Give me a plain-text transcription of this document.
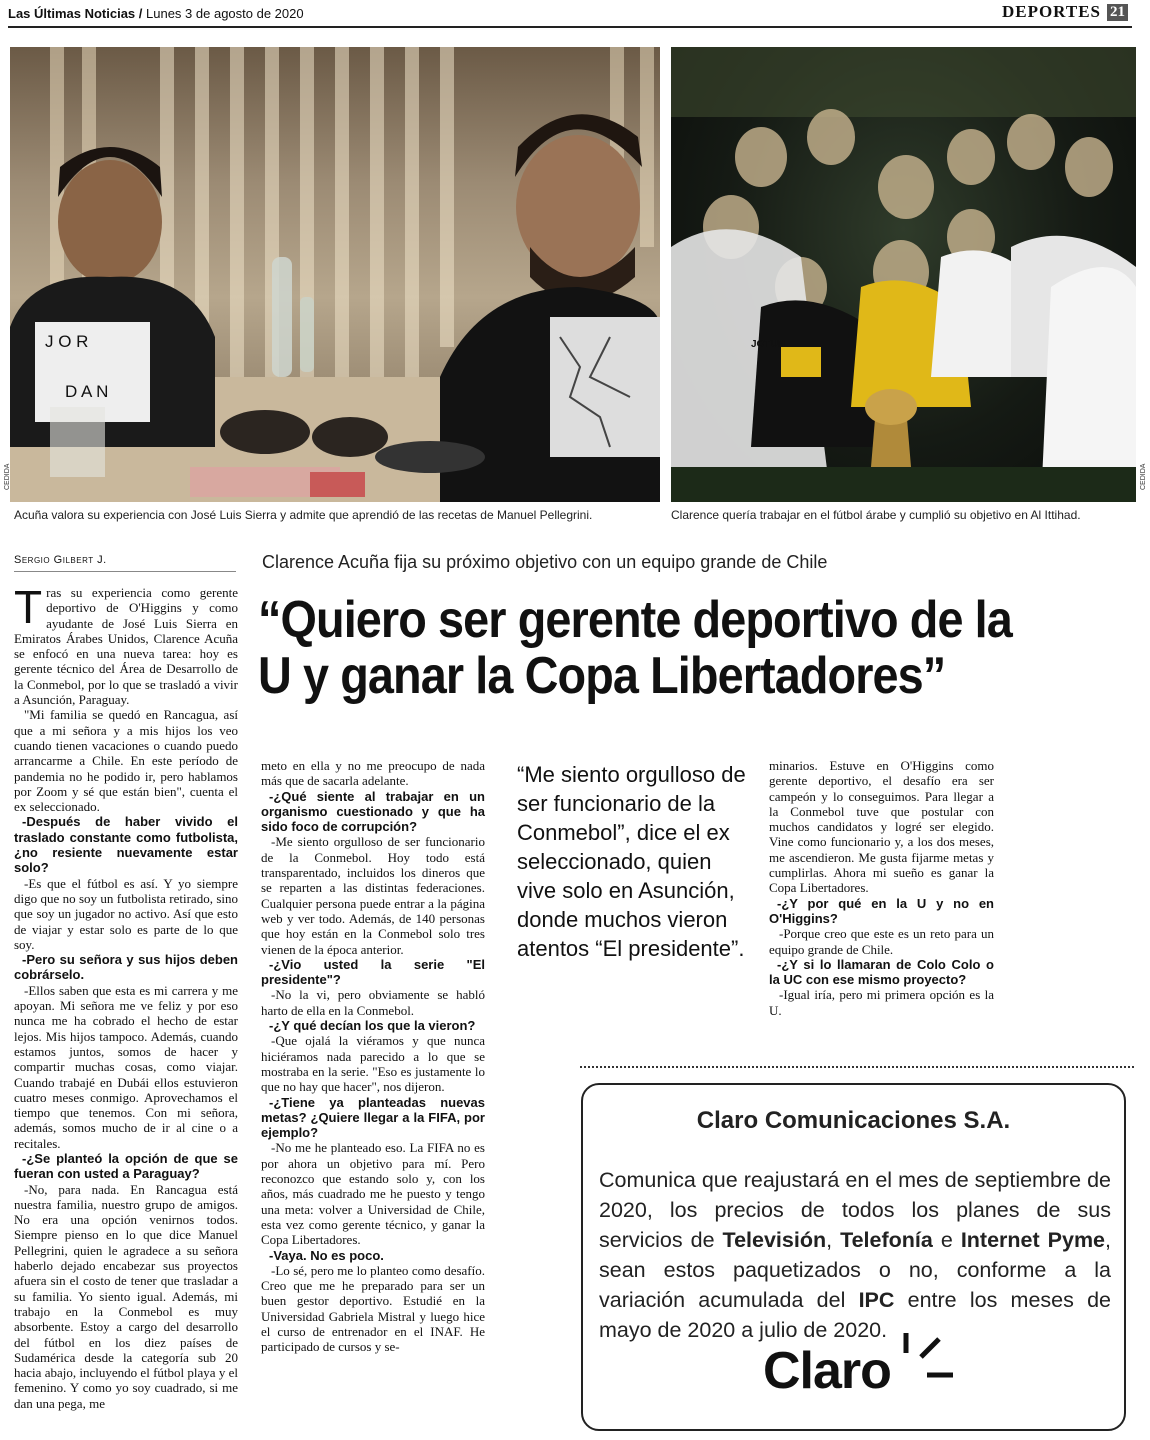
Las Últimas Noticias / Lunes 3 de agosto de 2020	DEPORTES 21
J O R
D A N
CEDIDA
Acuña valora su experiencia con José Luis Sierra y admite que aprendió de las recetas de Manuel Pellegrini.
JOTUN
CEDIDA
Clarence quería trabajar en el fútbol árabe y cumplió su objetivo en Al Ittihad.
Sergio Gilbert J.	Clarence Acuña fija su próximo objetivo con un equipo grande de Chile
“Quiero ser gerente deportivo de la U y ganar la Copa Libertadores”
T ras su experiencia como gerente deportivo de O'Higgins y como ayudante de José Luis Sierra en Emiratos Árabes Unidos, Clarence Acuña se enfocó en una nueva tarea: hoy es gerente técnico del Área de Desarrollo de la Conmebol, por lo que se trasladó a vivir a Asunción, Paraguay.

"Mi familia se quedó en Rancagua, así que a mi señora y a mis hijos los veo cuando tienen vacaciones o cuando puedo arrancarme a Chile. En este período de pandemia no he podido ir, pero hablamos por Zoom y sé que están bien", cuenta el ex seleccionado.

-Después de haber vivido el traslado constante como futbolista, ¿no resiente nuevamente estar solo?

-Es que el fútbol es así. Y yo siempre digo que no soy un futbolista retirado, sino que soy un jugador no activo. Así que esto de viajar y estar solo es parte de lo que soy.

-Pero su señora y sus hijos deben cobrárselo.

-Ellos saben que esta es mi carrera y me apoyan. Mi señora me ve feliz y por eso nunca me ha cobrado el hecho de estar lejos. Mis hijos tampoco. Además, cuando estamos juntos, somos de hacer y compartir muchas cosas, como viajar. Cuando trabajé en Dubái ellos estuvieron cuatro meses conmigo. Aprovechamos el tiempo que tenemos. Con mi señora, además, somos mucho de ir al cine o a recitales.

-¿Se planteó la opción de que se fueran con usted a Paraguay?

-No, para nada. En Rancagua está nuestra familia, nuestro grupo de amigos. No era una opción venirnos todos. Siempre pienso en lo que dice Manuel Pellegrini, quien le agradece a su señora haberlo dejado encabezar sus proyectos afuera sin el costo de tener que trasladar a su familia. Yo siento igual. Además, mi trabajo en la Conmebol es muy absorbente. Estoy a cargo del desarrollo del fútbol en los diez países de Sudamérica desde la categoría sub 20 hacia abajo, incluyendo el fútbol playa y el femenino. Y como yo soy cuadrado, si me dan una pega, me

meto en ella y no me preocupo de nada más que de sacarla adelante.

-¿Qué siente al trabajar en un organismo cuestionado y que ha sido foco de corrupción?

-Me siento orgulloso de ser funcionario de la Conmebol. Hoy todo está transparentado, incluidos los dineros que se reparten a las distintas federaciones. Cualquier persona puede entrar a la página web y ver todo. Además, de 140 personas que hoy están en la Conmebol solo tres vienen de la época anterior.

-¿Vio usted la serie "El presidente"?

-No la vi, pero obviamente se habló harto de ella en la Conmebol.

-¿Y qué decían los que la vieron?

-Que ojalá la viéramos y que nunca hiciéramos nada parecido a lo que se mostraba en la serie. "Eso es justamente lo que no hay que hacer", nos dijeron.

-¿Tiene ya planteadas nuevas metas? ¿Quiere llegar a la FIFA, por ejemplo?

-No me he planteado eso. La FIFA no es por ahora un objetivo para mí. Pero reconozco que estando solo y, con los años, más cuadrado me he puesto y tengo una meta: volver a Universidad de Chile, esta vez como gerente técnico, y ganar la Copa Libertadores.

-Vaya. No es poco.

-Lo sé, pero me lo planteo como desafío. Creo que me he preparado para ser un buen gestor deportivo. Estudié en la Universidad Gabriela Mistral y luego hice el curso de entrenador en el INAF. He participado de cursos y se-

“Me siento orgulloso de ser funcionario de la Conmebol”, dice el ex seleccionado, quien vive solo en Asunción, donde muchos vieron atentos “El presidente”.

minarios. Estuve en O'Higgins como gerente deportivo, el desafío era ser campeón y lo conseguimos. Para llegar a la Conmebol tuve que postular con muchos candidatos y logré ser elegido. Vine como funcionario y, a los dos meses, me ascendieron. Me gusta fijarme metas y cumplirlas. Ahora mi sueño es ganar la Copa Libertadores.

-¿Y por qué en la U y no en O'Higgins?

-Porque creo que este es un reto para un equipo grande de Chile.

-¿Y si lo llamaran de Colo Colo o la UC con ese mismo proyecto?

-Igual iría, pero mi primera opción es la U.

Claro Comunicaciones S.A.
Comunica que reajustará en el mes de septiembre de 2020, los precios de todos los planes de sus servicios de Televisión, Telefonía e Internet Pyme, sean estos paquetizados o no, conforme a la variación acumulada del IPC entre los meses de mayo de 2020 a julio de 2020.
Claro
